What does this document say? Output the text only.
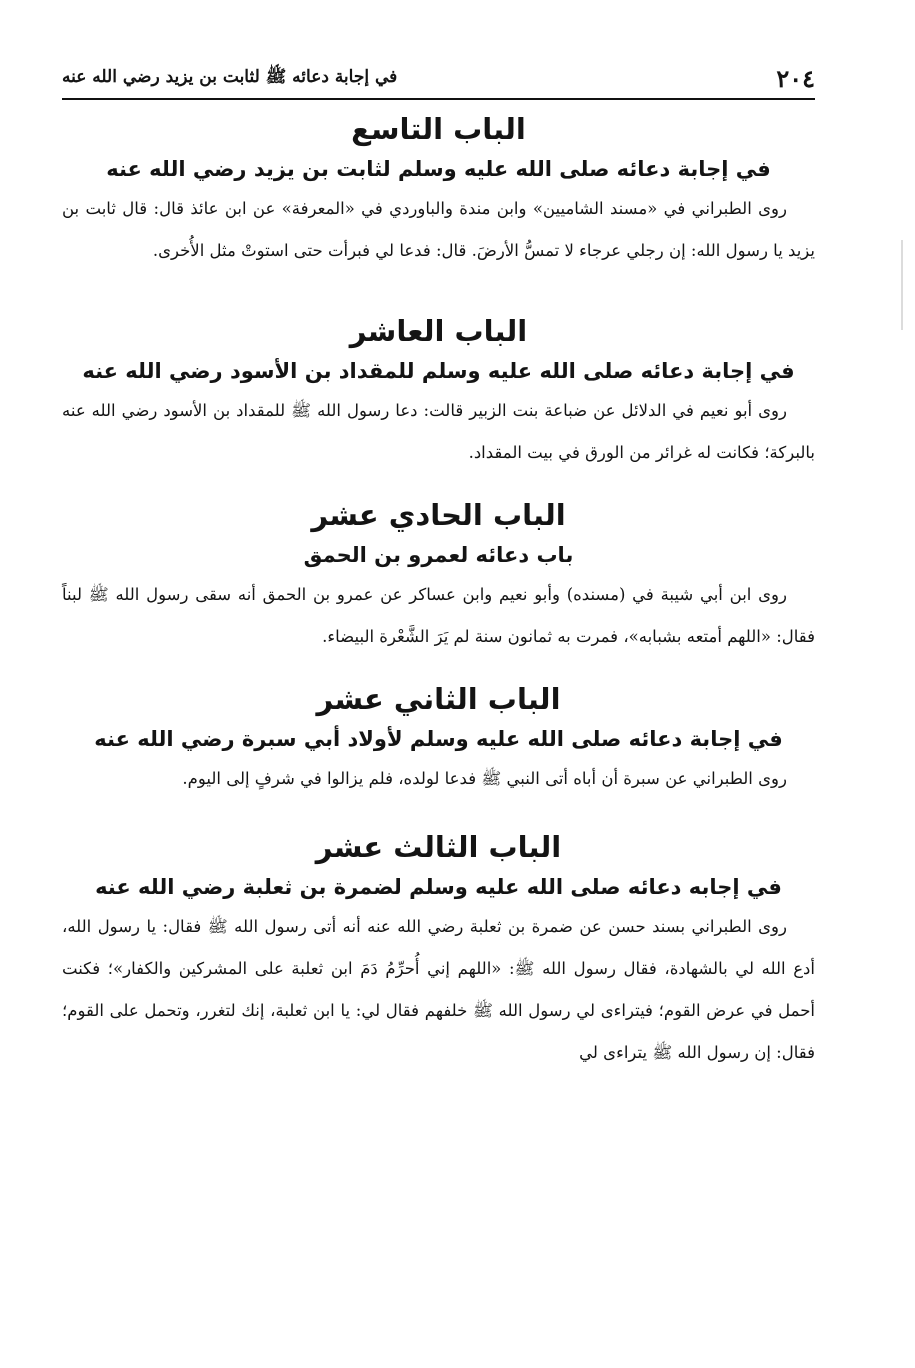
٢٠٤
في إجابة دعائه ﷺ لثابت بن يزيد رضي الله عنه
الباب التاسع
في إجابة دعائه صلى الله عليه وسلم لثابت بن يزيد رضي الله عنه

روى الطبراني في «مسند الشاميين» وابن مندة والباوردي في «المعرفة» عن ابن عائذ قال: قال ثابت بن يزيد يا رسول الله: إن رجلي عرجاء لا تمسُّ الأرضَ. قال: فدعا لي فبرأت حتى استوتْ مثل الأُخرى.

الباب العاشر
في إجابة دعائه صلى الله عليه وسلم للمقداد بن الأسود رضي الله عنه

روى أبو نعيم في الدلائل عن ضباعة بنت الزبير قالت: دعا رسول الله ﷺ للمقداد بن الأسود رضي الله عنه بالبركة؛ فكانت له غرائر من الورق في بيت المقداد.

الباب الحادي عشر
باب دعائه لعمرو بن الحمق

روى ابن أبي شيبة في (مسنده) وأبو نعيم وابن عساكر عن عمرو بن الحمق أنه سقى رسول الله ﷺ لبناً فقال: «اللهم أمتعه بشبابه»، فمرت به ثمانون سنة لم يَرَ الشَّعْرة البيضاء.

الباب الثاني عشر
في إجابة دعائه صلى الله عليه وسلم لأولاد أبي سبرة رضي الله عنه

روى الطبراني عن سبرة أن أباه أتى النبي ﷺ فدعا لولده، فلم يزالوا في شرفٍ إلى اليوم.

الباب الثالث عشر
في إجابه دعائه صلى الله عليه وسلم لضمرة بن ثعلبة رضي الله عنه

روى الطبراني بسند حسن عن ضمرة بن ثعلبة رضي الله عنه أنه أتى رسول الله ﷺ فقال: يا رسول الله، أدع الله لي بالشهادة، فقال رسول الله ﷺ: «اللهم إني أُحرِّمُ دَمَ ابن ثعلبة على المشركين والكفار»؛ فكنت أحمل في عرض القوم؛ فيتراءى لي رسول الله ﷺ خلفهم فقال لي: يا ابن ثعلبة، إنك لتغرر، وتحمل على القوم؛ فقال: إن رسول الله ﷺ يتراءى لي
